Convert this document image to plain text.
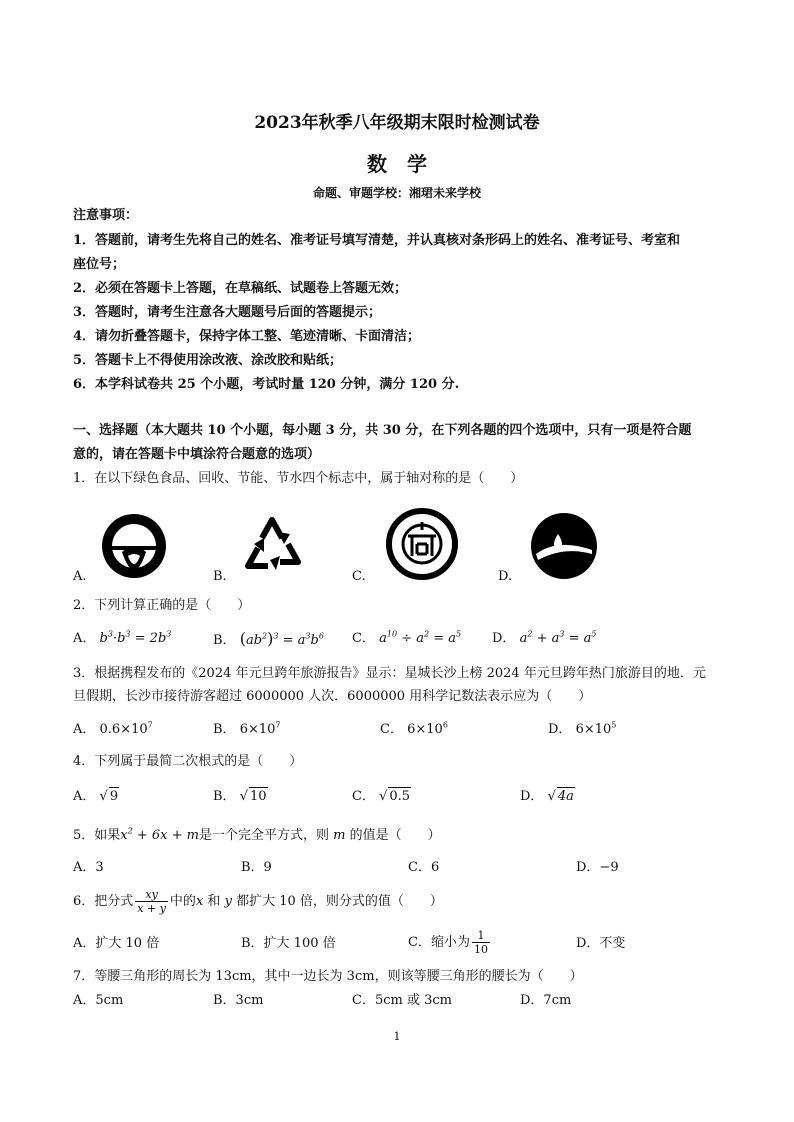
2023年秋季八年级期末限时检测试卷
数　学
命题、审题学校：湘珺未来学校
注意事项：
1．答题前，请考生先将自己的姓名、准考证号填写清楚，并认真核对条形码上的姓名、准考证号、考室和
座位号；
2．必须在答题卡上答题，在草稿纸、试题卷上答题无效；
3．答题时，请考生注意各大题题号后面的答题提示；
4．请勿折叠答题卡，保持字体工整、笔迹清晰、卡面清洁；
5．答题卡上不得使用涂改液、涂改胶和贴纸；
6．本学科试卷共 25 个小题，考试时量 120 分钟，满分 120 分.
一、选择题（本大题共 10 个小题，每小题 3 分，共 30 分，在下列各题的四个选项中，只有一项是符合题
意的，请在答题卡中填涂符合题意的选项）
1．在以下绿色食品、回收、节能、节水四个标志中，属于轴对称的是（　　）
A.	B.	C.	D.
2．下列计算正确的是（　　）
A． $b^3\cdot b^3 = 2b^3$	B． $(ab^2)^3 = a^3b^6$ C． $a^{10} \div a^2 = a^5$ D． $a^2 + a^3 = a^5$
3．根据携程发布的《2024 年元旦跨年旅游报告》显示：星城长沙上榜 2024 年元旦跨年热门旅游目的地．元
旦假期，长沙市接待游客超过 6000000 人次．6000000 用科学记数法表示应为（　　）
A． $0.6\times 10^7$	B． $6\times 10^7$	C． $6\times 10^6$	D． $6\times 10^5$
4．下列属于最简二次根式的是（　　）
A． √ 9	B． √ 10	C． √ 0.5	D． √ 4a
5．如果$x^2 + 6x + m$是一个完全平方式，则 m 的值是（　　）
A．3	B．9	C．6	D．−9
6．把分式 $\frac{xy}{x + y}$ 中的x 和 y 都扩大 10 倍，则分式的值（　　）
A．扩大 10 倍	B．扩大 100 倍	C．缩小为 $\frac{1}{10}$	D．不变
7．等腰三角形的周长为 13cm，其中一边长为 3cm，则该等腰三角形的腰长为（　　）
A．5cm	B．3cm	C．5cm 或 3cm	D．7cm
1
